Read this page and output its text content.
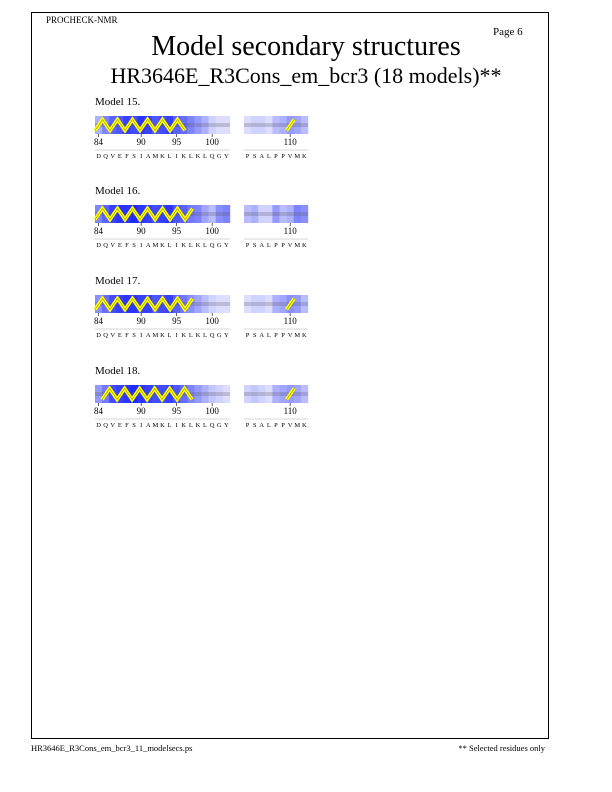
PROCHECK-NMR
Page 6
Model secondary structures
HR3646E_R3Cons_em_bcr3 (18 models)**
Model 15.
84	90	95	100
D Q V E F S I A M K L I K L K L Q G Y
110
P S A L P P V M K
Model 16.
84	90	95	100
D Q V E F S I A M K L I K L K L Q G Y
110
P S A L P P V M K
Model 17.
84	90	95	100
D Q V E F S I A M K L I K L K L Q G Y
110
P S A L P P V M K
Model 18.
84	90	95	100
D Q V E F S I A M K L I K L K L Q G Y
110
P S A L P P V M K
HR3646E_R3Cons_em_bcr3_11_modelsecs.ps	** Selected residues only
